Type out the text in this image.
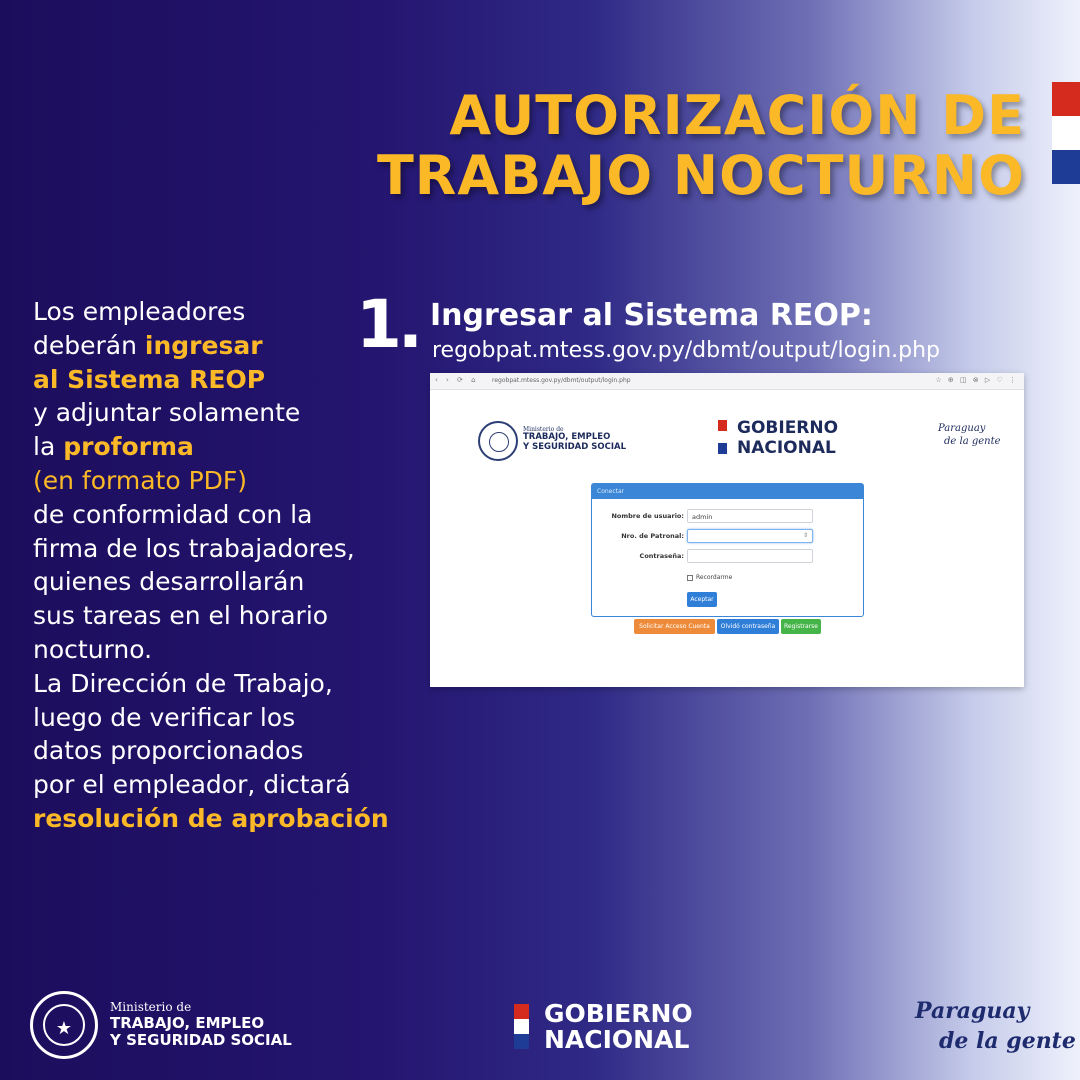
AUTORIZACIÓN DE
TRABAJO NOCTURNO
Los empleadores
deberán ingresar
al Sistema REOP
y adjuntar solamente
la proforma
(en formato PDF)
de conformidad con la
firma de los trabajadores,
quienes desarrollarán
sus tareas en el horario
nocturno.
La Dirección de Trabajo,
luego de verificar los
datos proporcionados
por el empleador, dictará
resolución de aprobación
1. Ingresar al Sistema REOP:
regobpat.mtess.gov.py/dbmt/output/login.php
‹ › ⟳ ⌂ regobpat.mtess.gov.py/dbmt/output/login.php	☆ ⊕ ◫ ⊗ ▷ ♡ ⋮
Ministerio de
TRABAJO, EMPLEO
Y SEGURIDAD SOCIAL
GOBIERNO
NACIONAL
Paraguay
de la gente
Conectar
Nombre de usuario:	admin
Nro. de Patronal:	⇕
Contraseña:
Recordarme
Aceptar
Solicitar Acceso Cuenta	Olvidó contraseña	Registrarse
★
Ministerio de
TRABAJO, EMPLEO
Y SEGURIDAD SOCIAL
GOBIERNO
NACIONAL
Paraguay
de la gente
